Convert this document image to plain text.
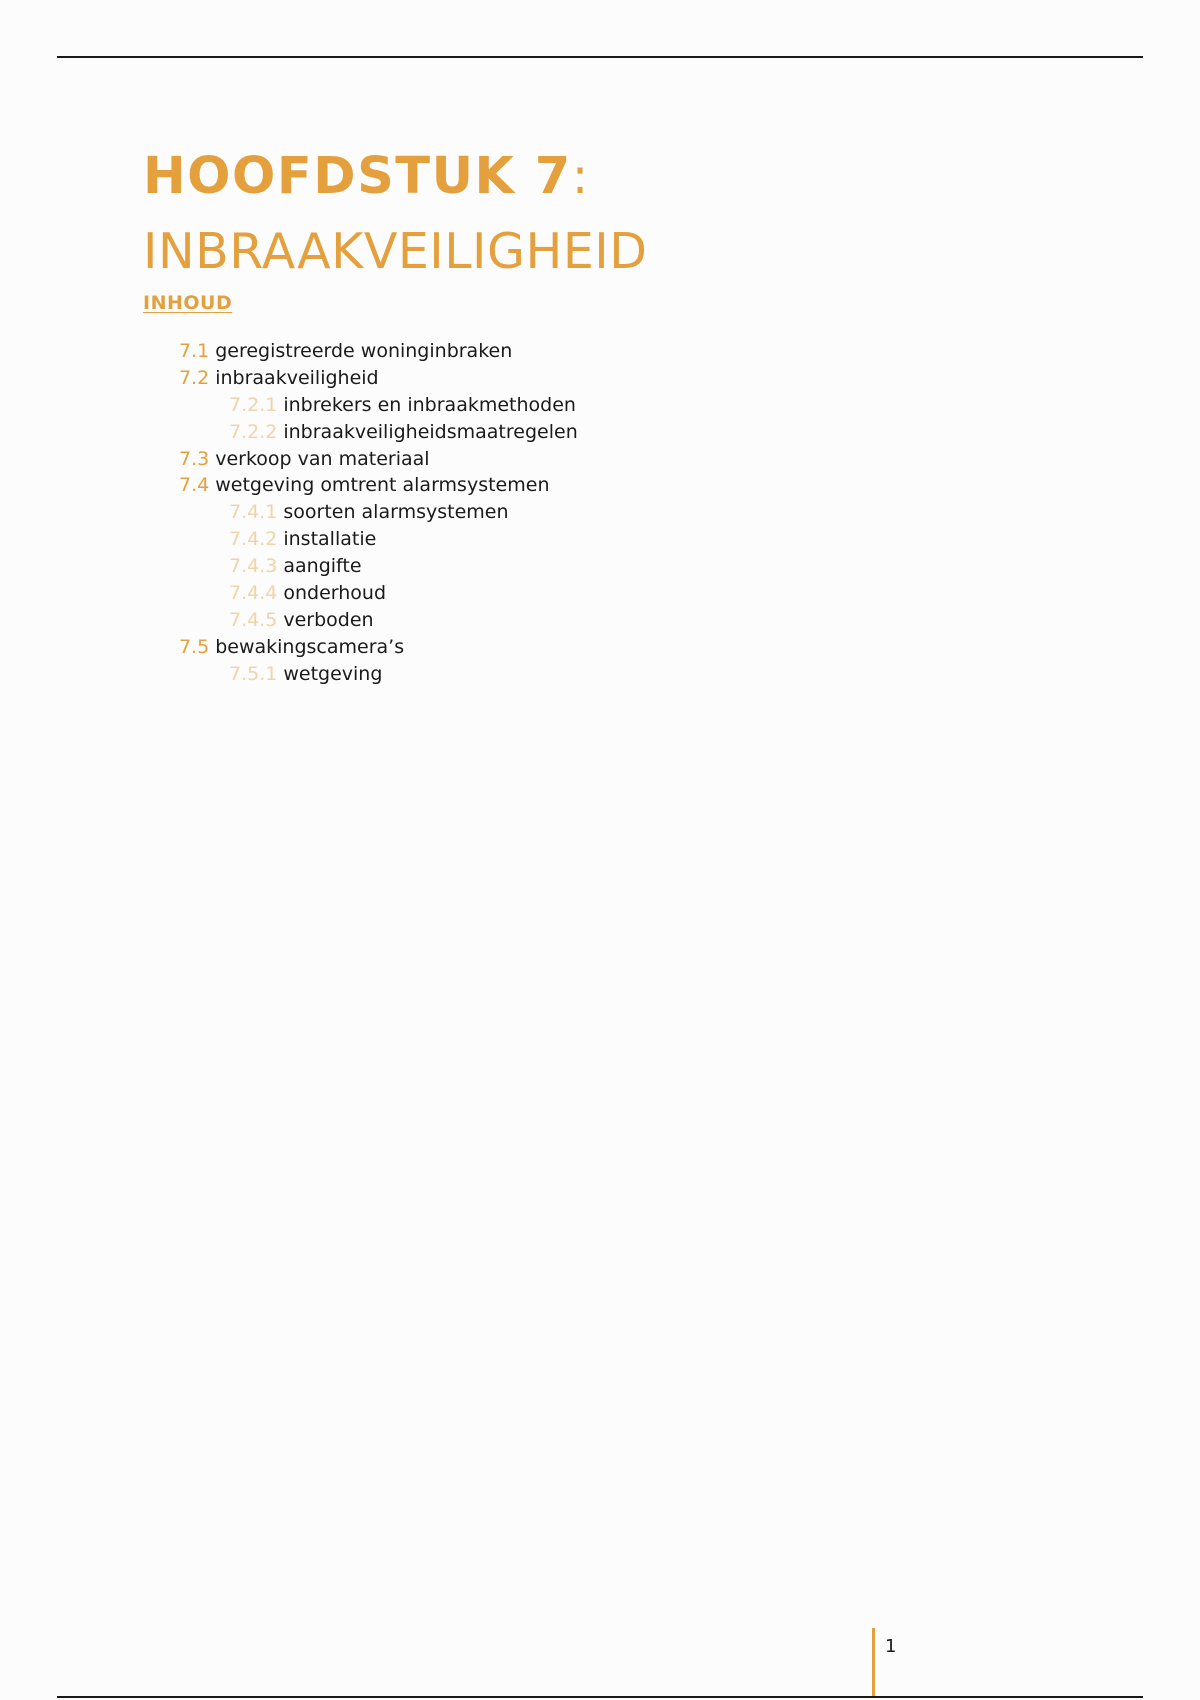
HOOFDSTUK 7:
INBRAAKVEILIGHEID
INHOUD
7.1 geregistreerde woninginbraken
7.2 inbraakveiligheid
7.2.1 inbrekers en inbraakmethoden
7.2.2 inbraakveiligheidsmaatregelen
7.3 verkoop van materiaal
7.4 wetgeving omtrent alarmsystemen
7.4.1 soorten alarmsystemen
7.4.2 installatie
7.4.3 aangifte
7.4.4 onderhoud
7.4.5 verboden
7.5 bewakingscamera’s
7.5.1 wetgeving
1
